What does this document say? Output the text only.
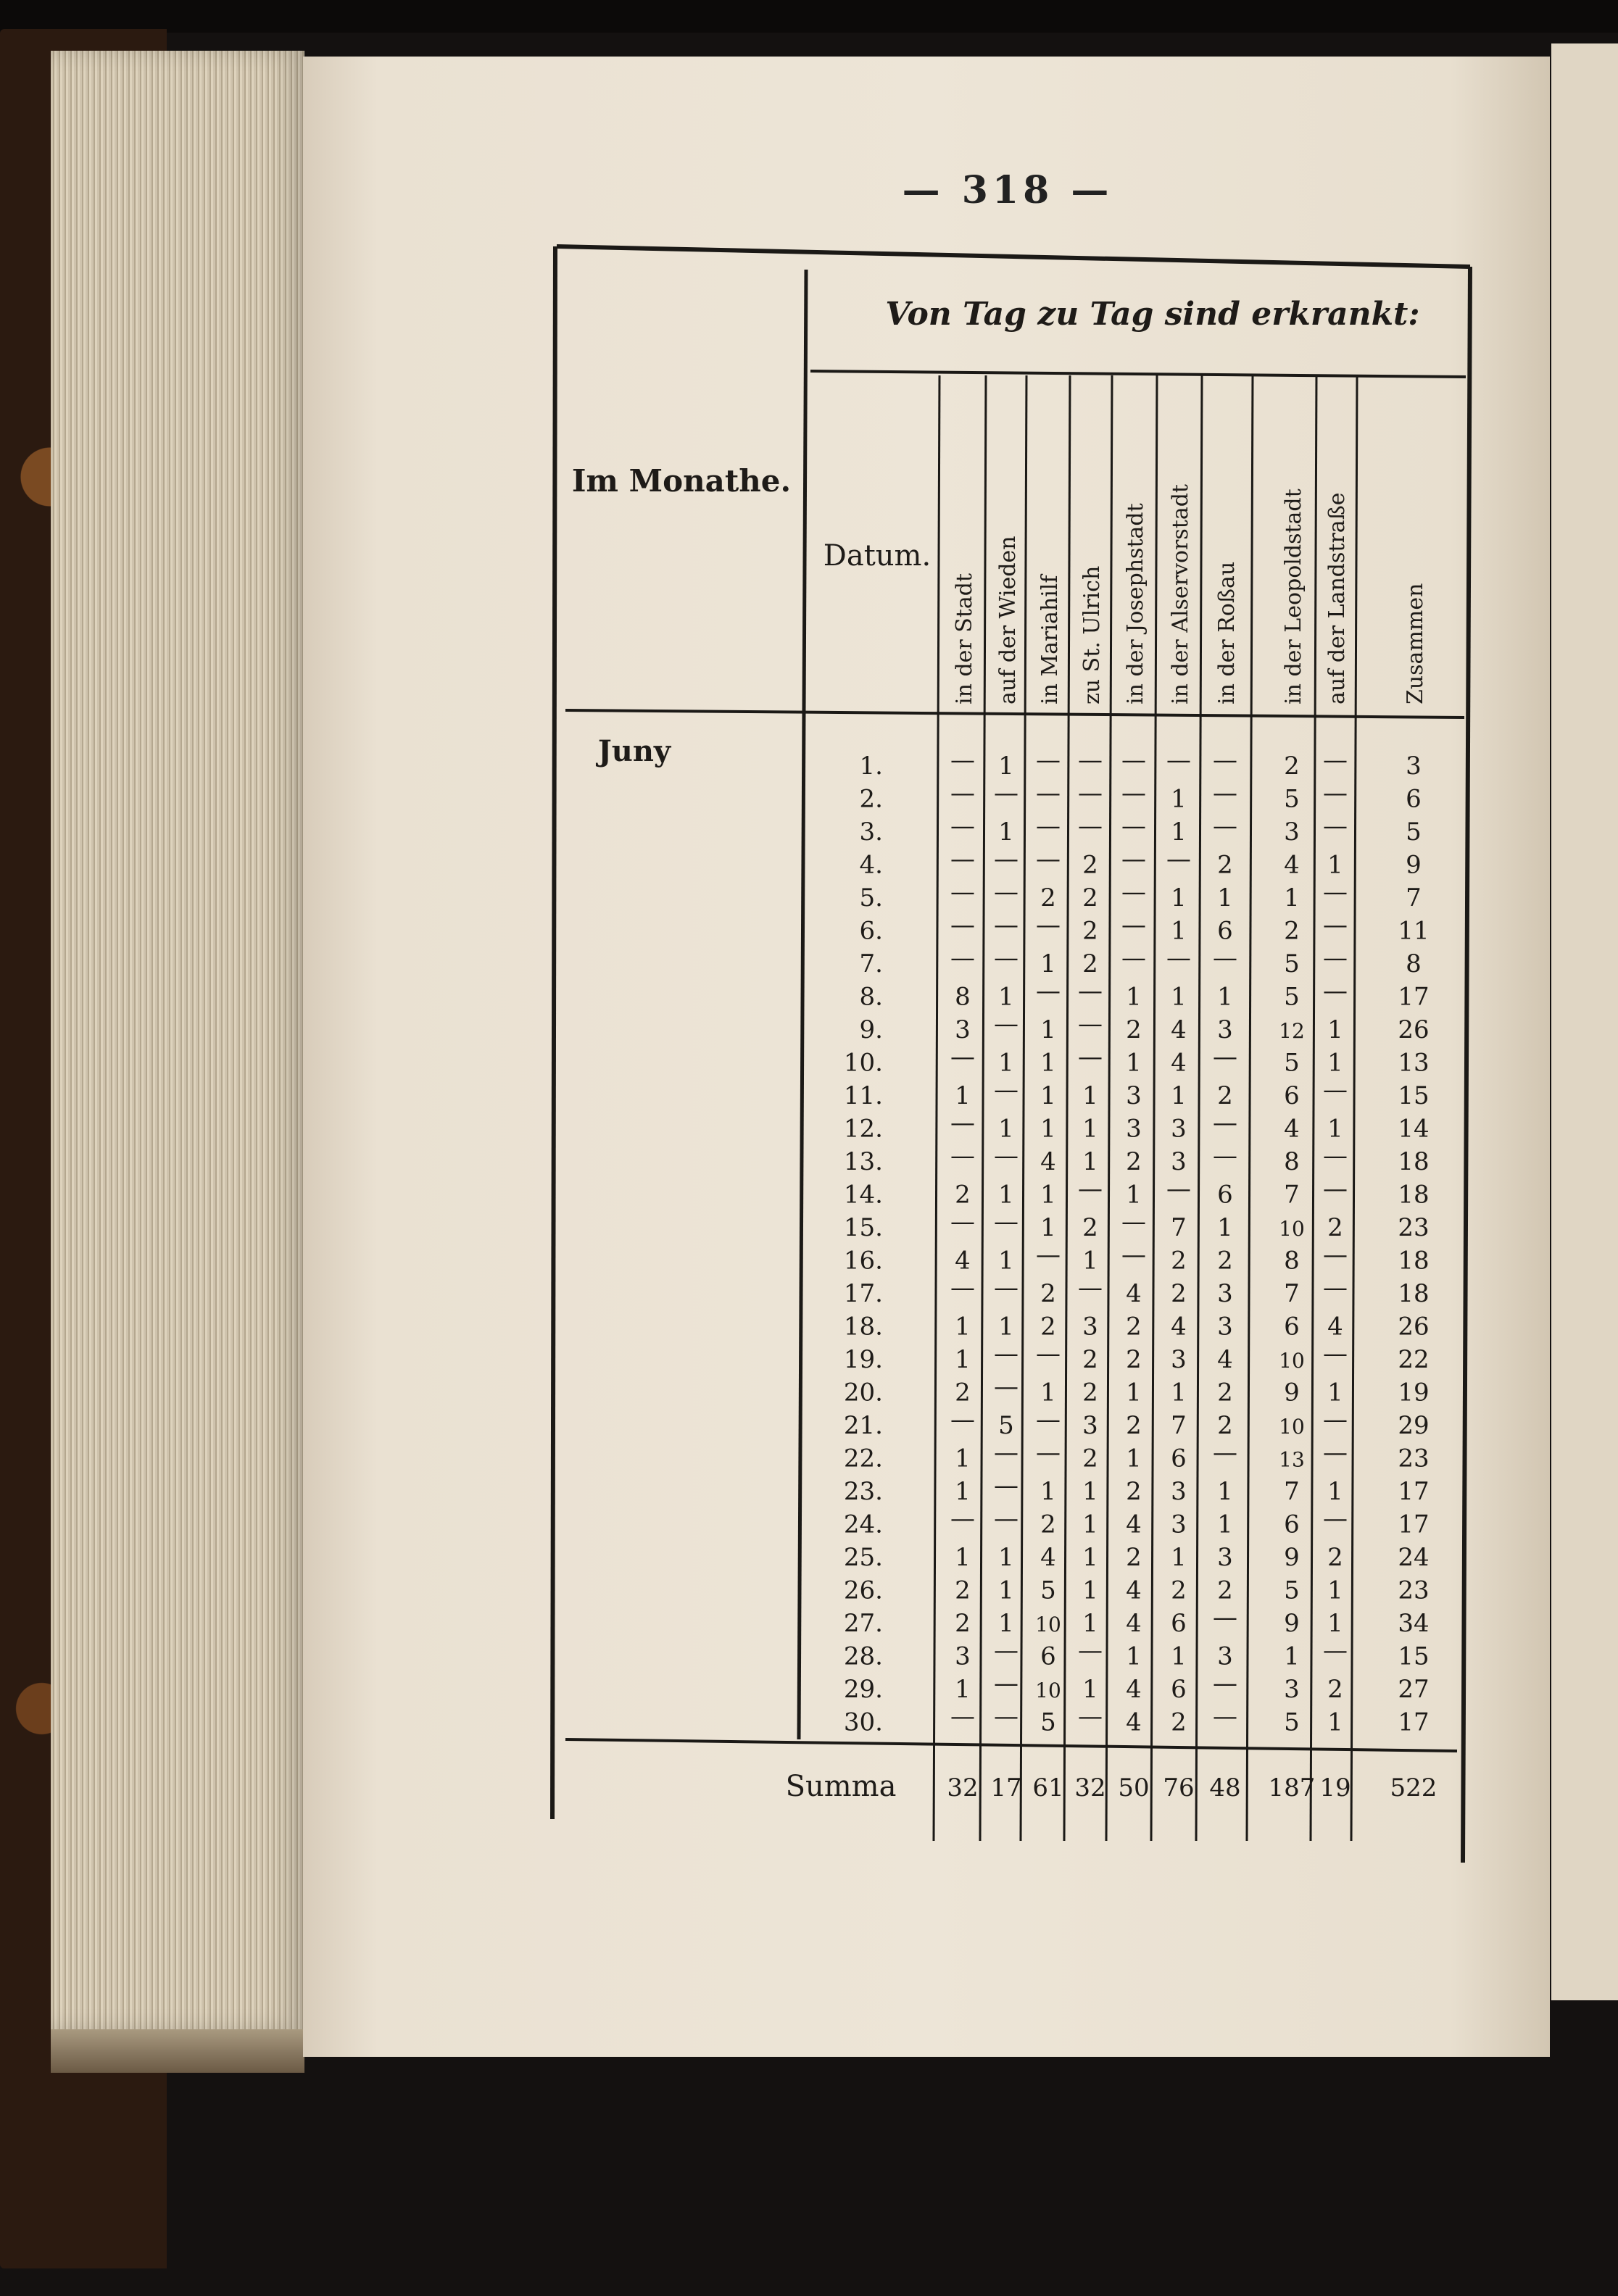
— 318 —

Von Tag zu Tag sind erkrankt:
Im Monathe.
Datum.
Juny
Summa
in der Stadt auf der Wieden in Mariahilf zu St. Ulrich in der Josephstadt in der Alservorstadt in der Roßau in der Leopoldstadt auf der Landstraße Zusammen
1.	— 1 — — — — — 2 — 3
2.	— — — — — 1 — 5 — 6
3.	— 1 — — — 1 — 3 — 5
4.	— — — 2 — — 2 4 1	9
5.	— — 2 2 — 1 1 1 — 7
6.	— — — 2 — 1 6 2 — 11
7.	— — 1 2 — — — 5 — 8
8.	8 1 — — 1 1 1 5 — 17
9.	3 — 1 — 2 4 3 12 1 26
10.	— 1 1 — 1 4 — 5 1 13
11.	1 — 1 1 3 1 2 6 — 15
12.	— 1 1 1 3 3 — 4 1 14
13.	— — 4 1 2 3 — 8 — 18
14.	2 1 1 — 1 — 6 7 — 18
15.	— — 1 2 — 7 1 10 2 23
16.	4 1 — 1 — 2 2 8 — 18
17.	— — 2 — 4 2 3 7 — 18
18.	1 1 2 3 2 4 3 6 4 26
19.	1 — — 2 2 3 4 10 — 22
20.	2 — 1 2 1 1 2 9 1 19
21.	— 5 — 3 2 7 2 10 — 29
22.	1 — — 2 1 6 — 13 — 23
23.	1 — 1 1 2 3 1 7 1 17
24.	— — 2 1 4 3 1 6 — 17
25.	1 1 4 1 2 1 3 9 2 24
26.	2 1 5 1 4 2 2 5 1 23
27.	2 1 10 1 4 6 — 9 1 34
28.	3 — 6 — 1 1 3 1 — 15
29.	1 — 10 1 4 6 — 3 2 27
30.	— — 5 — 4 2 — 5 1 17
32 17 61 32 50 76 48 187 19 522
